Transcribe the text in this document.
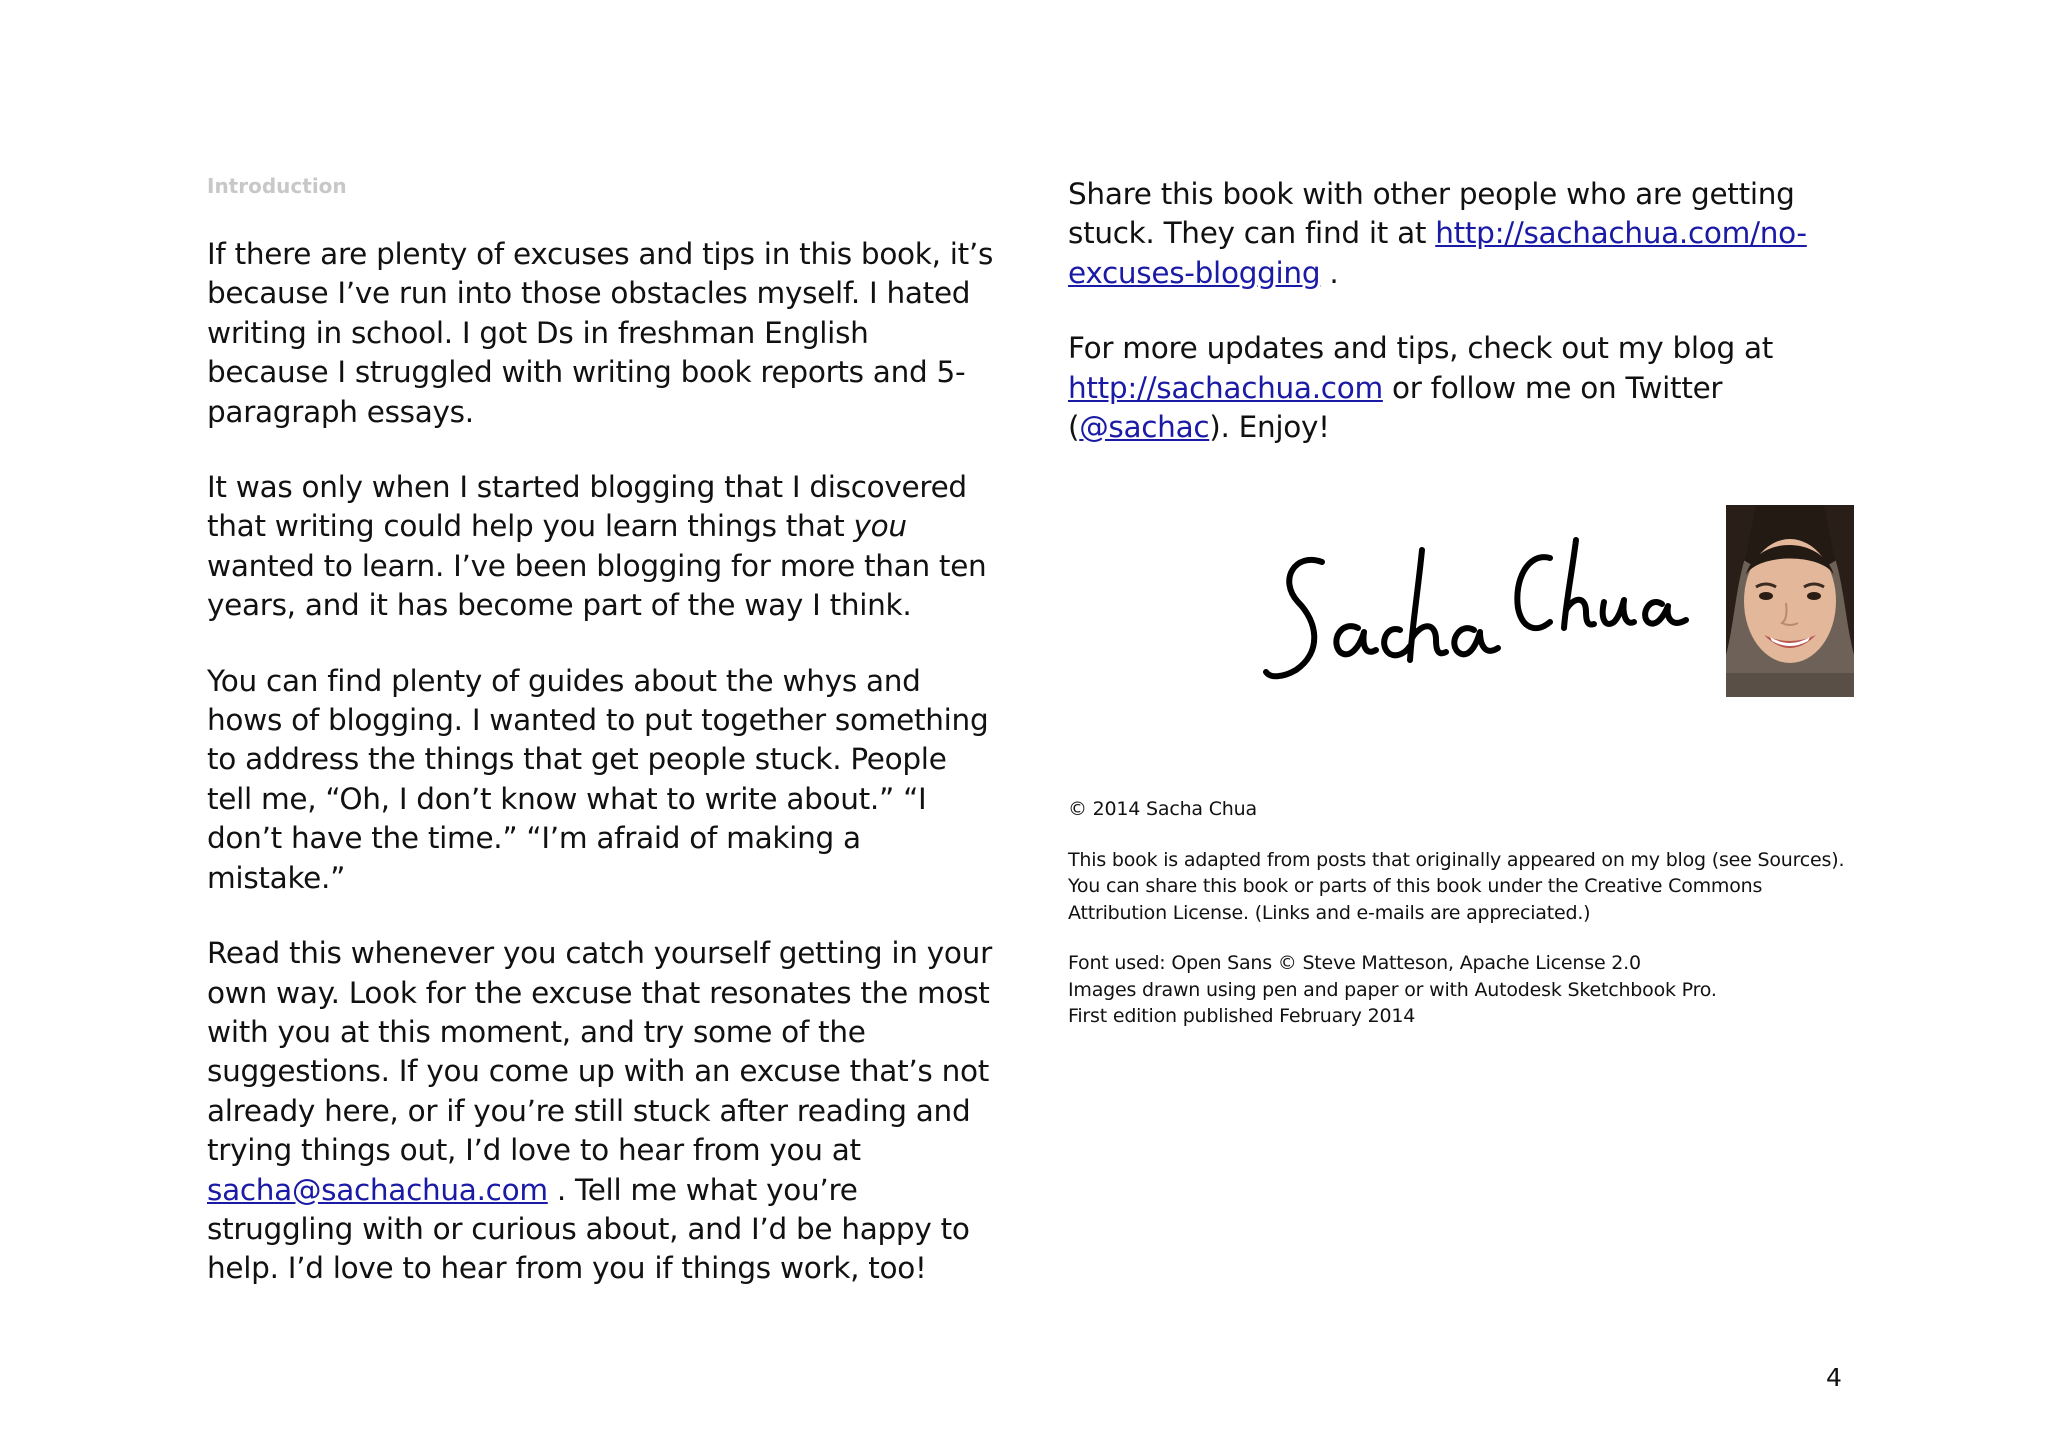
Introduction

If there are plenty of excuses and tips in this book, it’s because I’ve run into those obstacles myself. I hated writing in school. I got Ds in freshman English because I struggled with writing book reports and 5-paragraph essays.

It was only when I started blogging that I discovered that writing could help you learn things that you wanted to learn. I’ve been blogging for more than ten years, and it has become part of the way I think.

You can find plenty of guides about the whys and hows of blogging. I wanted to put together something to address the things that get people stuck. People tell me, “Oh, I don’t know what to write about.” “I don’t have the time.” “I’m afraid of making a mistake.”

Read this whenever you catch yourself getting in your own way. Look for the excuse that resonates the most with you at this moment, and try some of the suggestions. If you come up with an excuse that’s not already here, or if you’re still stuck after reading and trying things out, I’d love to hear from you at sacha@sachachua.com . Tell me what you’re struggling with or curious about, and I’d be happy to help. I’d love to hear from you if things work, too!

Share this book with other people who are getting stuck. They can find it at http://sachachua.com/no-excuses-blogging .

For more updates and tips, check out my blog at http://sachachua.com or follow me on Twitter (@sachac). Enjoy!

© 2014 Sacha Chua
This book is adapted from posts that originally appeared on my blog (see Sources).
You can share this book or parts of this book under the Creative Commons
Attribution License. (Links and e-mails are appreciated.)
Font used: Open Sans © Steve Matteson, Apache License 2.0
Images drawn using pen and paper or with Autodesk Sketchbook Pro.
First edition published February 2014
4
